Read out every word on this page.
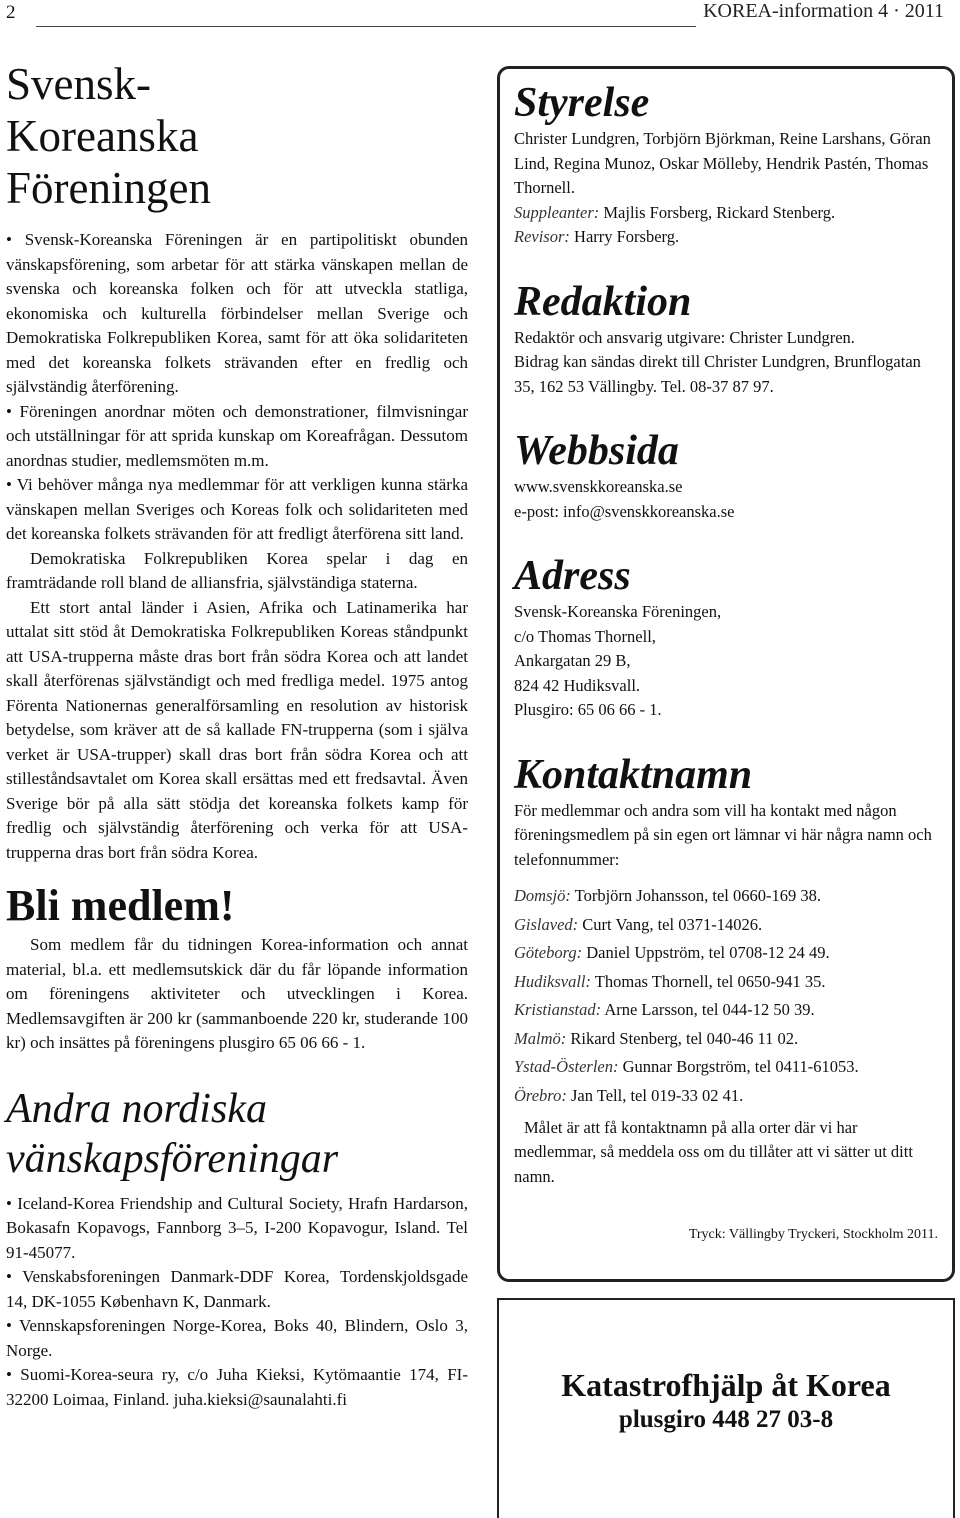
2	KOREA-information 4 · 2011
Svensk-
Koreanska
Föreningen

• Svensk-Koreanska Föreningen är en partipolitiskt obunden vänskapsförening, som arbetar för att stärka vänskapen mellan de svenska och koreanska folken och för att utveckla statliga, ekonomiska och kulturella förbindelser mellan Sverige och Demokratiska Folkrepubliken Korea, samt för att öka solidariteten med det koreanska folkets strävanden efter en fredlig och självständig återförening.

• Föreningen anordnar möten och demonstrationer, filmvisningar och utställningar för att sprida kunskap om Koreafrågan. Dessutom anordnas studier, medlemsmöten m.m.

• Vi behöver många nya medlemmar för att verkligen kunna stärka vänskapen mellan Sveriges och Koreas folk och solidariteten med det koreanska folkets strävanden för att fredligt återförena sitt land.

Demokratiska Folkrepubliken Korea spelar i dag en framträdande roll bland de alliansfria, självständiga staterna.

Ett stort antal länder i Asien, Afrika och Latinamerika har uttalat sitt stöd åt Demokratiska Folkrepubliken Koreas ståndpunkt att USA-trupperna måste dras bort från södra Korea och att landet skall återförenas självständigt och med fredliga medel. 1975 antog Förenta Nationernas generalförsamling en resolution av historisk betydelse, som kräver att de så kallade FN-trupperna (som i själva verket är USA-trupper) skall dras bort från södra Korea och att stilleståndsavtalet om Korea skall ersättas med ett fredsavtal. Även Sverige bör på alla sätt stödja det koreanska folkets kamp för fredlig och självständig återförening och verka för att USA-trupperna dras bort från södra Korea.

Bli medlem!

Som medlem får du tidningen Korea-information och annat material, bl.a. ett medlemsutskick där du får löpande information om föreningens aktiviteter och utvecklingen i Korea. Medlemsavgiften är 200 kr (sammanboende 220 kr, studerande 100 kr) och insättes på föreningens plusgiro 65 06 66 - 1.

Andra nordiska vänskapsföreningar

• Iceland-Korea Friendship and Cultural Society, Hrafn Hardarson, Bokasafn Kopavogs, Fannborg 3–5, I-200 Kopavogur, Island. Tel 91-45077.

• Venskabsforeningen Danmark-DDF Korea, Tordenskjoldsgade 14, DK-1055 København K, Danmark.

• Vennskapsforeningen Norge-Korea, Boks 40, Blindern, Oslo 3, Norge.

• Suomi-Korea-seura ry, c/o Juha Kieksi, Kytömaantie 174, FI-32200 Loimaa, Finland. juha.kieksi@saunalahti.fi

Styrelse

Christer Lundgren, Torbjörn Björkman, Reine Larshans, Göran Lind, Regina Munoz, Oskar Mölleby, Hendrik Pastén, Thomas Thornell.

Suppleanter: Majlis Forsberg, Rickard Stenberg.

Revisor: Harry Forsberg.

Redaktion

Redaktör och ansvarig utgivare: Christer Lundgren.

Bidrag kan sändas direkt till Christer Lundgren, Brunflogatan 35, 162 53 Vällingby. Tel. 08-37 87 97.

Webbsida

www.svenskkoreanska.se

e-post: info@svenskkoreanska.se

Adress

Svensk-Koreanska Föreningen,

c/o Thomas Thornell,

Ankargatan 29 B,

824 42 Hudiksvall.

Plusgiro: 65 06 66 - 1.

Kontaktnamn

För medlemmar och andra som vill ha kontakt med någon föreningsmedlem på sin egen ort lämnar vi här några namn och telefonnummer:

Domsjö: Torbjörn Johansson, tel 0660-169 38.

Gislaved: Curt Vang, tel 0371-14026.

Göteborg: Daniel Uppström, tel 0708-12 24 49.

Hudiksvall: Thomas Thornell, tel 0650-941 35.

Kristianstad: Arne Larsson, tel 044-12 50 39.

Malmö: Rikard Stenberg, tel 040-46 11 02.

Ystad-Österlen: Gunnar Borgström, tel 0411-61053.

Örebro: Jan Tell, tel 019-33 02 41.

Målet är att få kontaktnamn på alla orter där vi har medlemmar, så meddela oss om du tillåter att vi sätter ut ditt namn.

Tryck: Vällingby Tryckeri, Stockholm 2011.

Katastrofhjälp åt Korea
plusgiro 448 27 03-8
